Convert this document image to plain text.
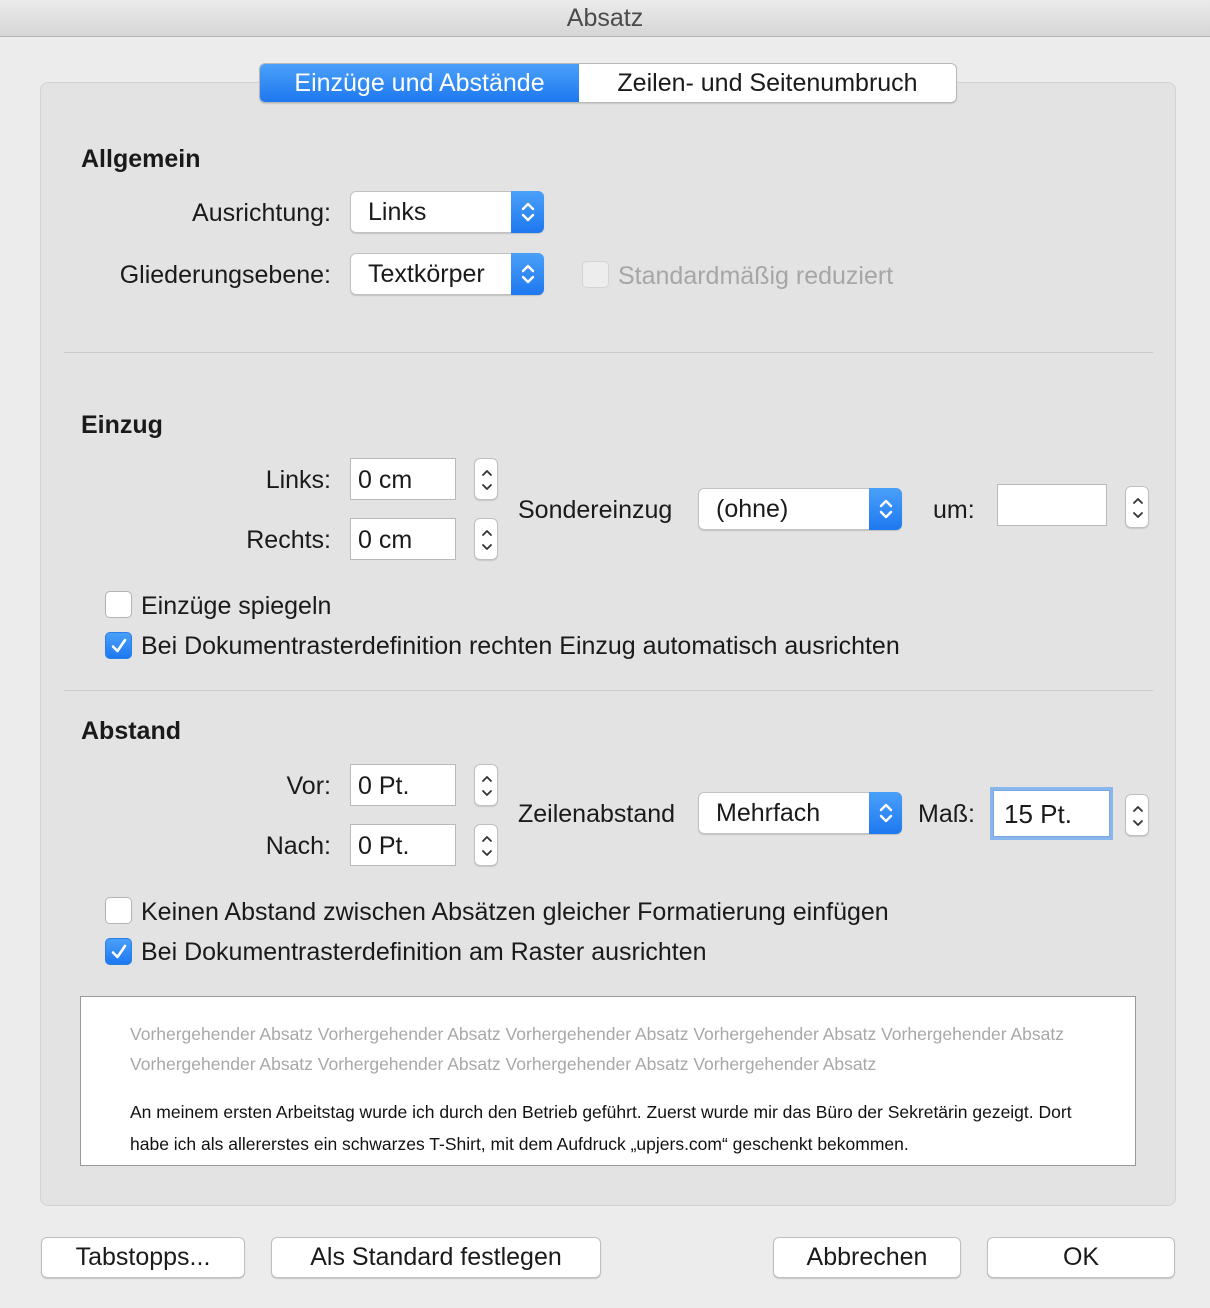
Absatz
Einzüge und Abstände	Zeilen- und Seitenumbruch
Allgemein
Ausrichtung:	Links
Gliederungsebene:	Textkörper	Standardmäßig reduziert
Einzug
Links:	0 cm
Rechts:	0 cm
Sondereinzug	(ohne)	um:
Einzüge spiegeln
Bei Dokumentrasterdefinition rechten Einzug automatisch ausrichten
Abstand
Vor:	0 Pt.
Nach:	0 Pt.
Zeilenabstand	Mehrfach	Maß:	15 Pt.
Keinen Abstand zwischen Absätzen gleicher Formatierung einfügen
Bei Dokumentrasterdefinition am Raster ausrichten
Vorhergehender Absatz Vorhergehender Absatz Vorhergehender Absatz Vorhergehender Absatz Vorhergehender Absatz Vorhergehender Absatz Vorhergehender Absatz Vorhergehender Absatz Vorhergehender Absatz
An meinem ersten Arbeitstag wurde ich durch den Betrieb geführt. Zuerst wurde mir das Büro der Sekretärin gezeigt. Dort habe ich als allererstes ein schwarzes T-Shirt, mit dem Aufdruck „upjers.com“ geschenkt bekommen.
Tabstopps...	Als Standard festlegen	Abbrechen	OK
